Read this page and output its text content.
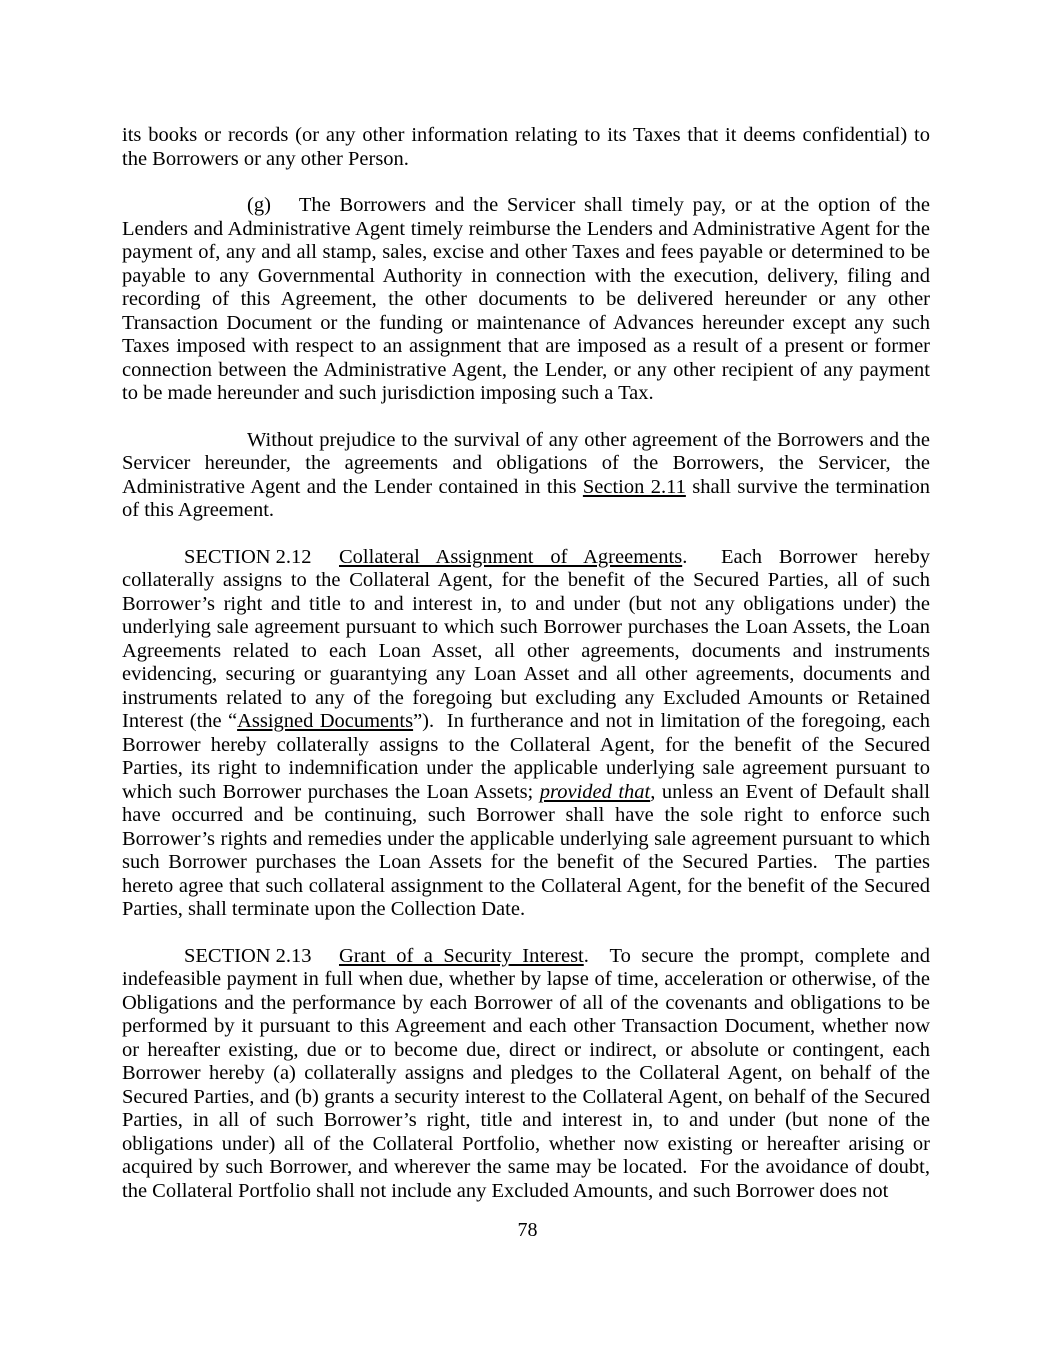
its books or records (or any other information relating to its Taxes that it deems confidential) to the Borrowers or any other Person.

(g) The Borrowers and the Servicer shall timely pay, or at the option of the Lenders and Administrative Agent timely reimburse the Lenders and Administrative Agent for the payment of, any and all stamp, sales, excise and other Taxes and fees payable or determined to be payable to any Governmental Authority in connection with the execution, delivery, filing and recording of this Agreement, the other documents to be delivered hereunder or any other Transaction Document or the funding or maintenance of Advances hereunder except any such Taxes imposed with respect to an assignment that are imposed as a result of a present or former connection between the Administrative Agent, the Lender, or any other recipient of any payment to be made hereunder and such jurisdiction imposing such a Tax.

Without prejudice to the survival of any other agreement of the Borrowers and the Servicer hereunder, the agreements and obligations of the Borrowers, the Servicer, the Administrative Agent and the Lender contained in this Section 2.11 shall survive the termination of this Agreement.

SECTION 2.12 Collateral Assignment of Agreements.  Each Borrower hereby collaterally assigns to the Collateral Agent, for the benefit of the Secured Parties, all of such Borrower’s right and title to and interest in, to and under (but not any obligations under) the underlying sale agreement pursuant to which such Borrower purchases the Loan Assets, the Loan Agreements related to each Loan Asset, all other agreements, documents and instruments evidencing, securing or guarantying any Loan Asset and all other agreements, documents and instruments related to any of the foregoing but excluding any Excluded Amounts or Retained Interest (the “Assigned Documents”).  In furtherance and not in limitation of the foregoing, each Borrower hereby collaterally assigns to the Collateral Agent, for the benefit of the Secured Parties, its right to indemnification under the applicable underlying sale agreement pursuant to which such Borrower purchases the Loan Assets; provided that, unless an Event of Default shall have occurred and be continuing, such Borrower shall have the sole right to enforce such Borrower’s rights and remedies under the applicable underlying sale agreement pursuant to which such Borrower purchases the Loan Assets for the benefit of the Secured Parties.  The parties hereto agree that such collateral assignment to the Collateral Agent, for the benefit of the Secured Parties, shall terminate upon the Collection Date.

SECTION 2.13 Grant of a Security Interest.  To secure the prompt, complete and indefeasible payment in full when due, whether by lapse of time, acceleration or otherwise, of the Obligations and the performance by each Borrower of all of the covenants and obligations to be performed by it pursuant to this Agreement and each other Transaction Document, whether now or hereafter existing, due or to become due, direct or indirect, or absolute or contingent, each Borrower hereby (a) collaterally assigns and pledges to the Collateral Agent, on behalf of the Secured Parties, and (b) grants a security interest to the Collateral Agent, on behalf of the Secured Parties, in all of such Borrower’s right, title and interest in, to and under (but none of the obligations under) all of the Collateral Portfolio, whether now existing or hereafter arising or acquired by such Borrower, and wherever the same may be located.  For the avoidance of doubt, the Collateral Portfolio shall not include any Excluded Amounts, and such Borrower does not

78
